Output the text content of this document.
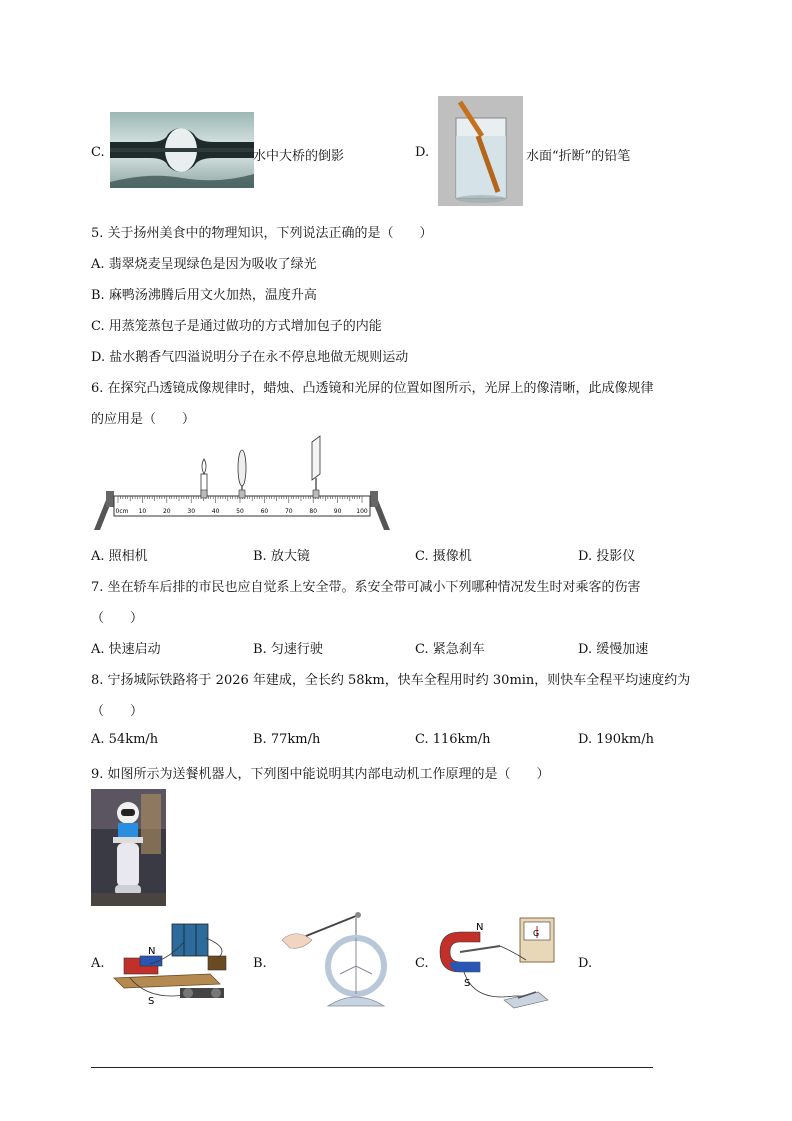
C.	水中大桥的倒影	D.	水面“折断”的铅笔
5. 关于扬州美食中的物理知识，下列说法正确的是（　　）
A. 翡翠烧麦呈现绿色是因为吸收了绿光
B. 麻鸭汤沸腾后用文火加热，温度升高
C. 用蒸笼蒸包子是通过做功的方式增加包子的内能
D. 盐水鹅香气四溢说明分子在永不停息地做无规则运动
6. 在探究凸透镜成像规律时，蜡烛、凸透镜和光屏的位置如图所示，光屏上的像清晰，此成像规律
的应用是（　　）
0cm 10	20	30	40	50	60	70	80	90 100
A. 照相机	B. 放大镜	C. 摄像机	D. 投影仪
7. 坐在轿车后排的市民也应自觉系上安全带。系安全带可减小下列哪种情况发生时对乘客的伤害
（　　）
A. 快速启动	B. 匀速行驶	C. 紧急刹车	D. 缓慢加速
8. 宁扬城际铁路将于 2026 年建成，全长约 58km，快车全程用时约 30min，则快车全程平均速度约为
（　　）
A. 54km/h	B. 77km/h	C. 116km/h	D. 190km/h
9. 如图所示为送餐机器人，下列图中能说明其内部电动机工作原理的是（　　）
A.
N
S
B.	C.
N
S
G
D.
